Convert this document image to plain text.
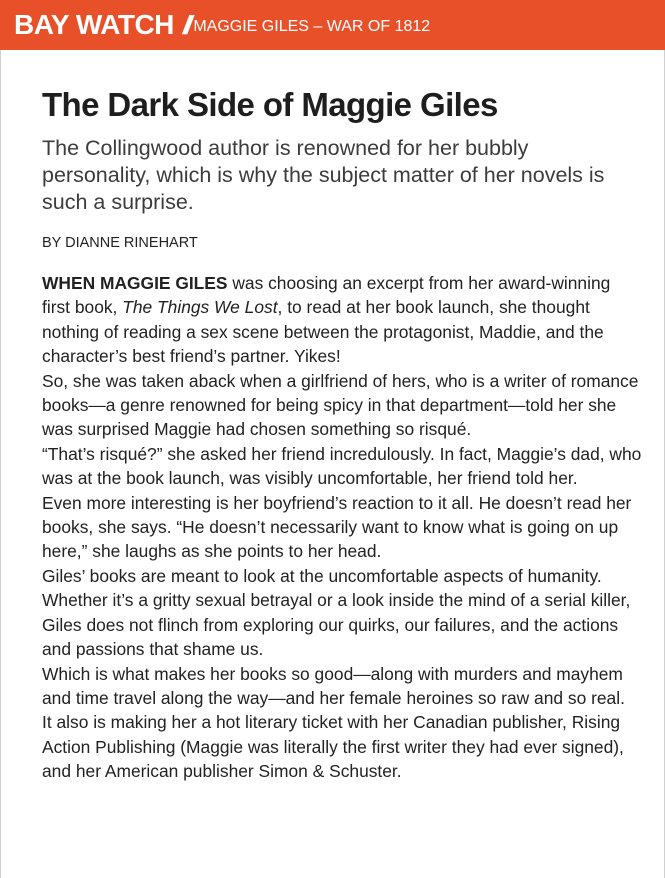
BAY WATCH // MAGGIE GILES – WAR OF 1812
The Dark Side of Maggie Giles

The Collingwood author is renowned for her bubbly personality, which is why the subject matter of her novels is such a surprise.

BY DIANNE RINEHART

WHEN MAGGIE GILES was choosing an excerpt from her award-winning first book, The Things We Lost, to read at her book launch, she thought nothing of reading a sex scene between the protagonist, Maddie, and the character’s best friend’s partner. Yikes!

So, she was taken aback when a girlfriend of hers, who is a writer of romance books—a genre renowned for being spicy in that department—told her she was surprised Maggie had chosen something so risqué.

“That’s risqué?” she asked her friend incredulously. In fact, Maggie’s dad, who was at the book launch, was visibly uncomfortable, her friend told her.

Even more interesting is her boyfriend’s reaction to it all. He doesn’t read her books, she says. “He doesn’t necessarily want to know what is going on up here,” she laughs as she points to her head.

Giles’ books are meant to look at the uncomfortable aspects of humanity. Whether it’s a gritty sexual betrayal or a look inside the mind of a serial killer, Giles does not flinch from exploring our quirks, our failures, and the actions and passions that shame us.

Which is what makes her books so good—along with murders and mayhem and time travel along the way—and her female heroines so raw and so real.

It also is making her a hot literary ticket with her Canadian publisher, Rising Action Publishing (Maggie was literally the first writer they had ever signed), and her American publisher Simon & Schuster.
